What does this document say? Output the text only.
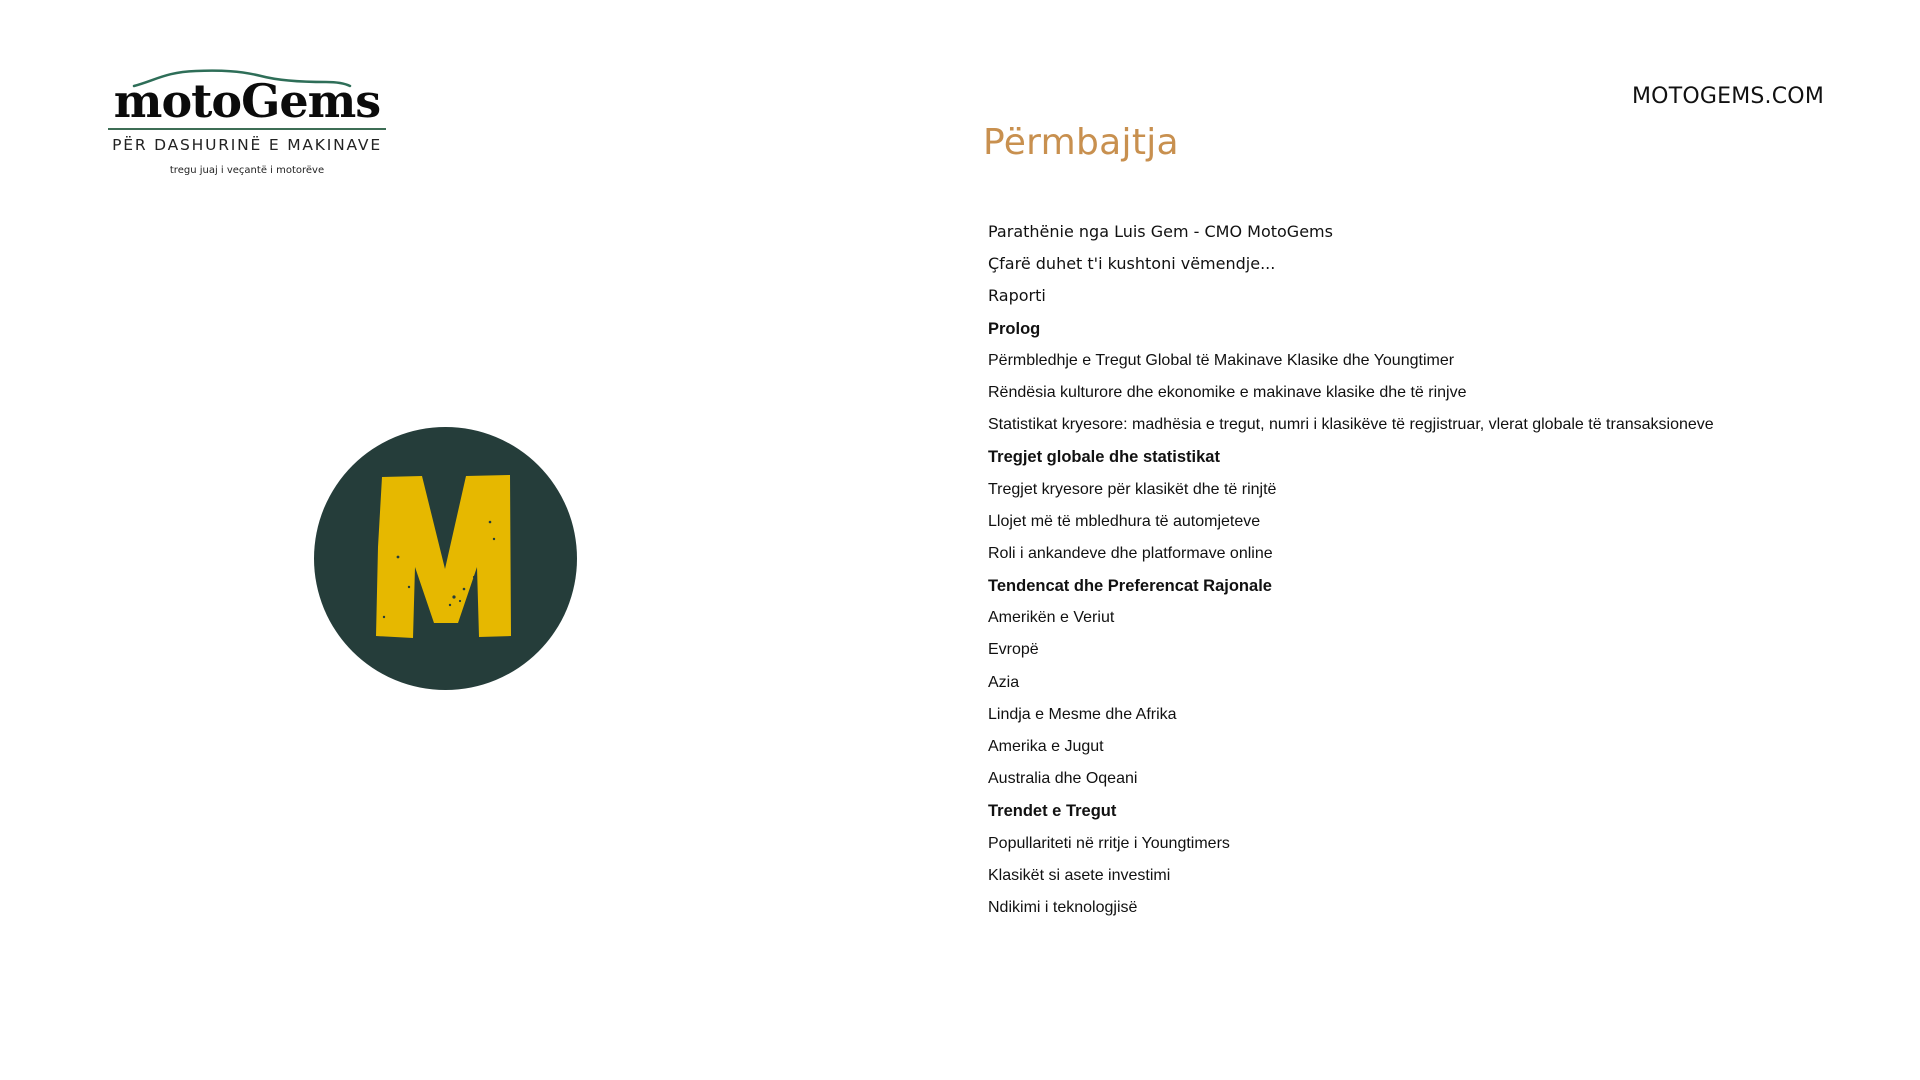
motoGems
PËR DASHURINË E MAKINAVE
tregu juaj i veçantë i motorëve
MOTOGEMS.COM
Përmbajtja
Parathënie nga Luis Gem - CMO MotoGems
Çfarë duhet t'i kushtoni vëmendje...
Raporti
Prolog
Përmbledhje e Tregut Global të Makinave Klasike dhe Youngtimer
Rëndësia kulturore dhe ekonomike e makinave klasike dhe të rinjve
Statistikat kryesore: madhësia e tregut, numri i klasikëve të regjistruar, vlerat globale të transaksioneve
Tregjet globale dhe statistikat
Tregjet kryesore për klasikët dhe të rinjtë
Llojet më të mbledhura të automjeteve
Roli i ankandeve dhe platformave online
Tendencat dhe Preferencat Rajonale
Amerikën e Veriut
Evropë
Azia
Lindja e Mesme dhe Afrika
Amerika e Jugut
Australia dhe Oqeani
Trendet e Tregut
Popullariteti në rritje i Youngtimers
Klasikët si asete investimi
Ndikimi i teknologjisë
